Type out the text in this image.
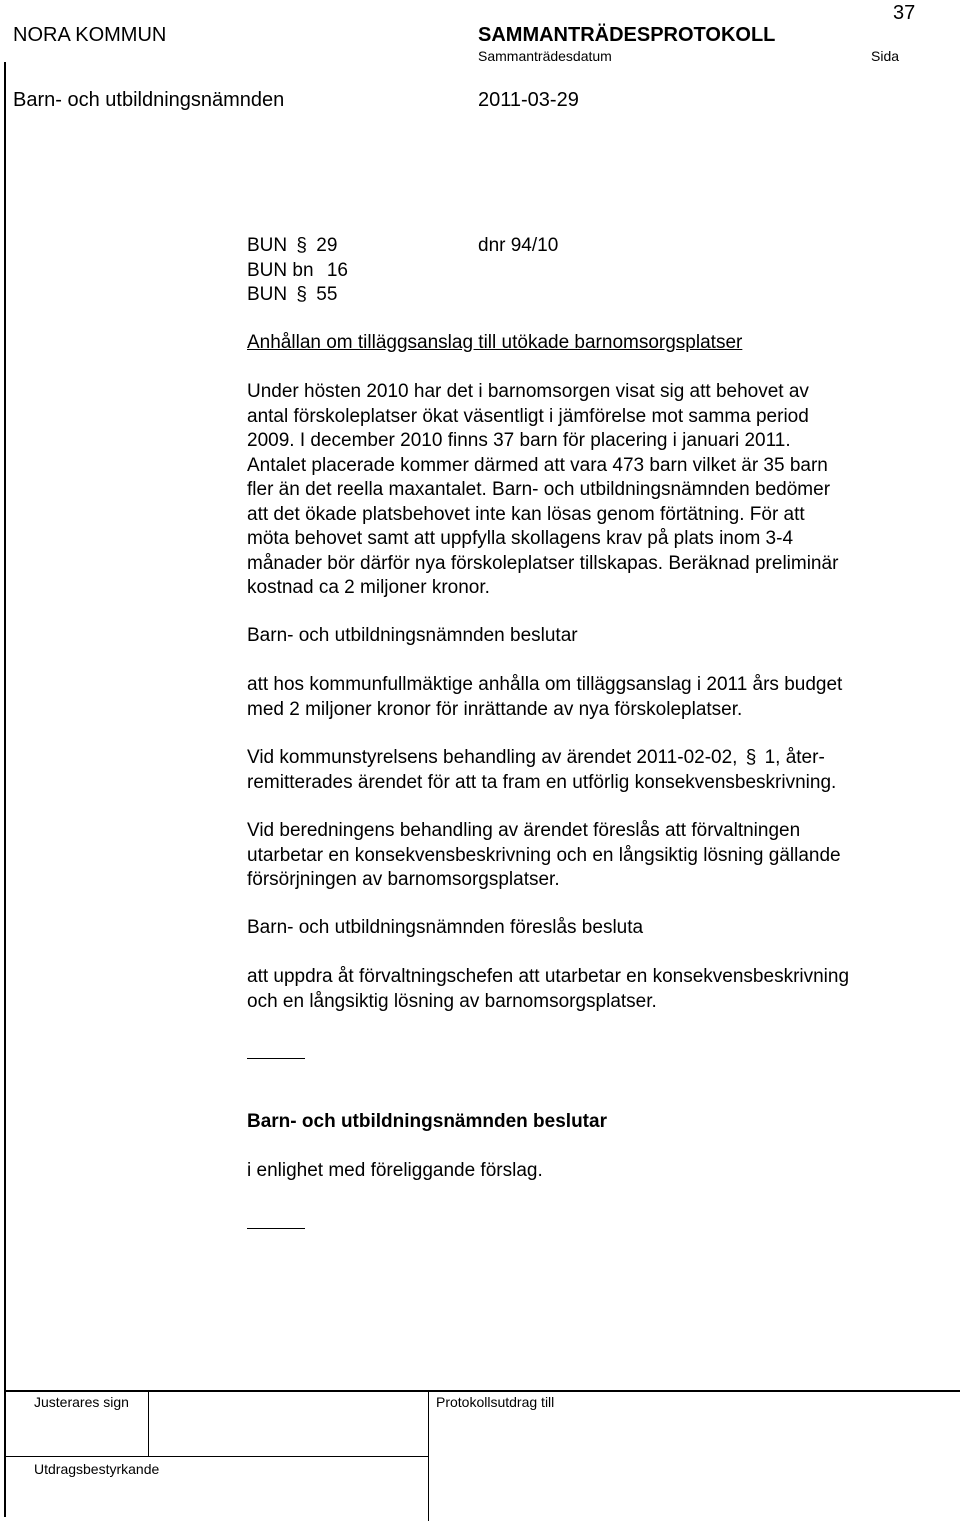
NORA KOMMUN	SAMMANTRÄDESPROTOKOLL
Sammanträdesdatum	Sida
37
Barn- och utbildningsnämnden	2011-03-29
BUN § 29	dnr 94/10
BUN bn 16
BUN § 55
Anhållan om tilläggsanslag till utökade barnomsorgsplatser
Under hösten 2010 har det i barnomsorgen visat sig att behovet av
antal förskoleplatser ökat väsentligt i jämförelse mot samma period
2009. I december 2010 finns 37 barn för placering i januari 2011.
Antalet placerade kommer därmed att vara 473 barn vilket är 35 barn
fler än det reella maxantalet. Barn- och utbildningsnämnden bedömer
att det ökade platsbehovet inte kan lösas genom förtätning. För att
möta behovet samt att uppfylla skollagens krav på plats inom 3-4
månader bör därför nya förskoleplatser tillskapas. Beräknad preliminär
kostnad ca 2 miljoner kronor.
Barn- och utbildningsnämnden beslutar
att hos kommunfullmäktige anhålla om tilläggsanslag i 2011 års budget
med 2 miljoner kronor för inrättande av nya förskoleplatser.
Vid kommunstyrelsens behandling av ärendet 2011-02-02, § 1, åter-
remitterades ärendet för att ta fram en utförlig konsekvensbeskrivning.
Vid beredningens behandling av ärendet föreslås att förvaltningen
utarbetar en konsekvensbeskrivning och en långsiktig lösning gällande
försörjningen av barnomsorgsplatser.
Barn- och utbildningsnämnden föreslås besluta
att uppdra åt förvaltningschefen att utarbetar en konsekvensbeskrivning
och en långsiktig lösning av barnomsorgsplatser.
Barn- och utbildningsnämnden beslutar
i enlighet med föreliggande förslag.
Justerares sign	Protokollsutdrag till
Utdragsbestyrkande
